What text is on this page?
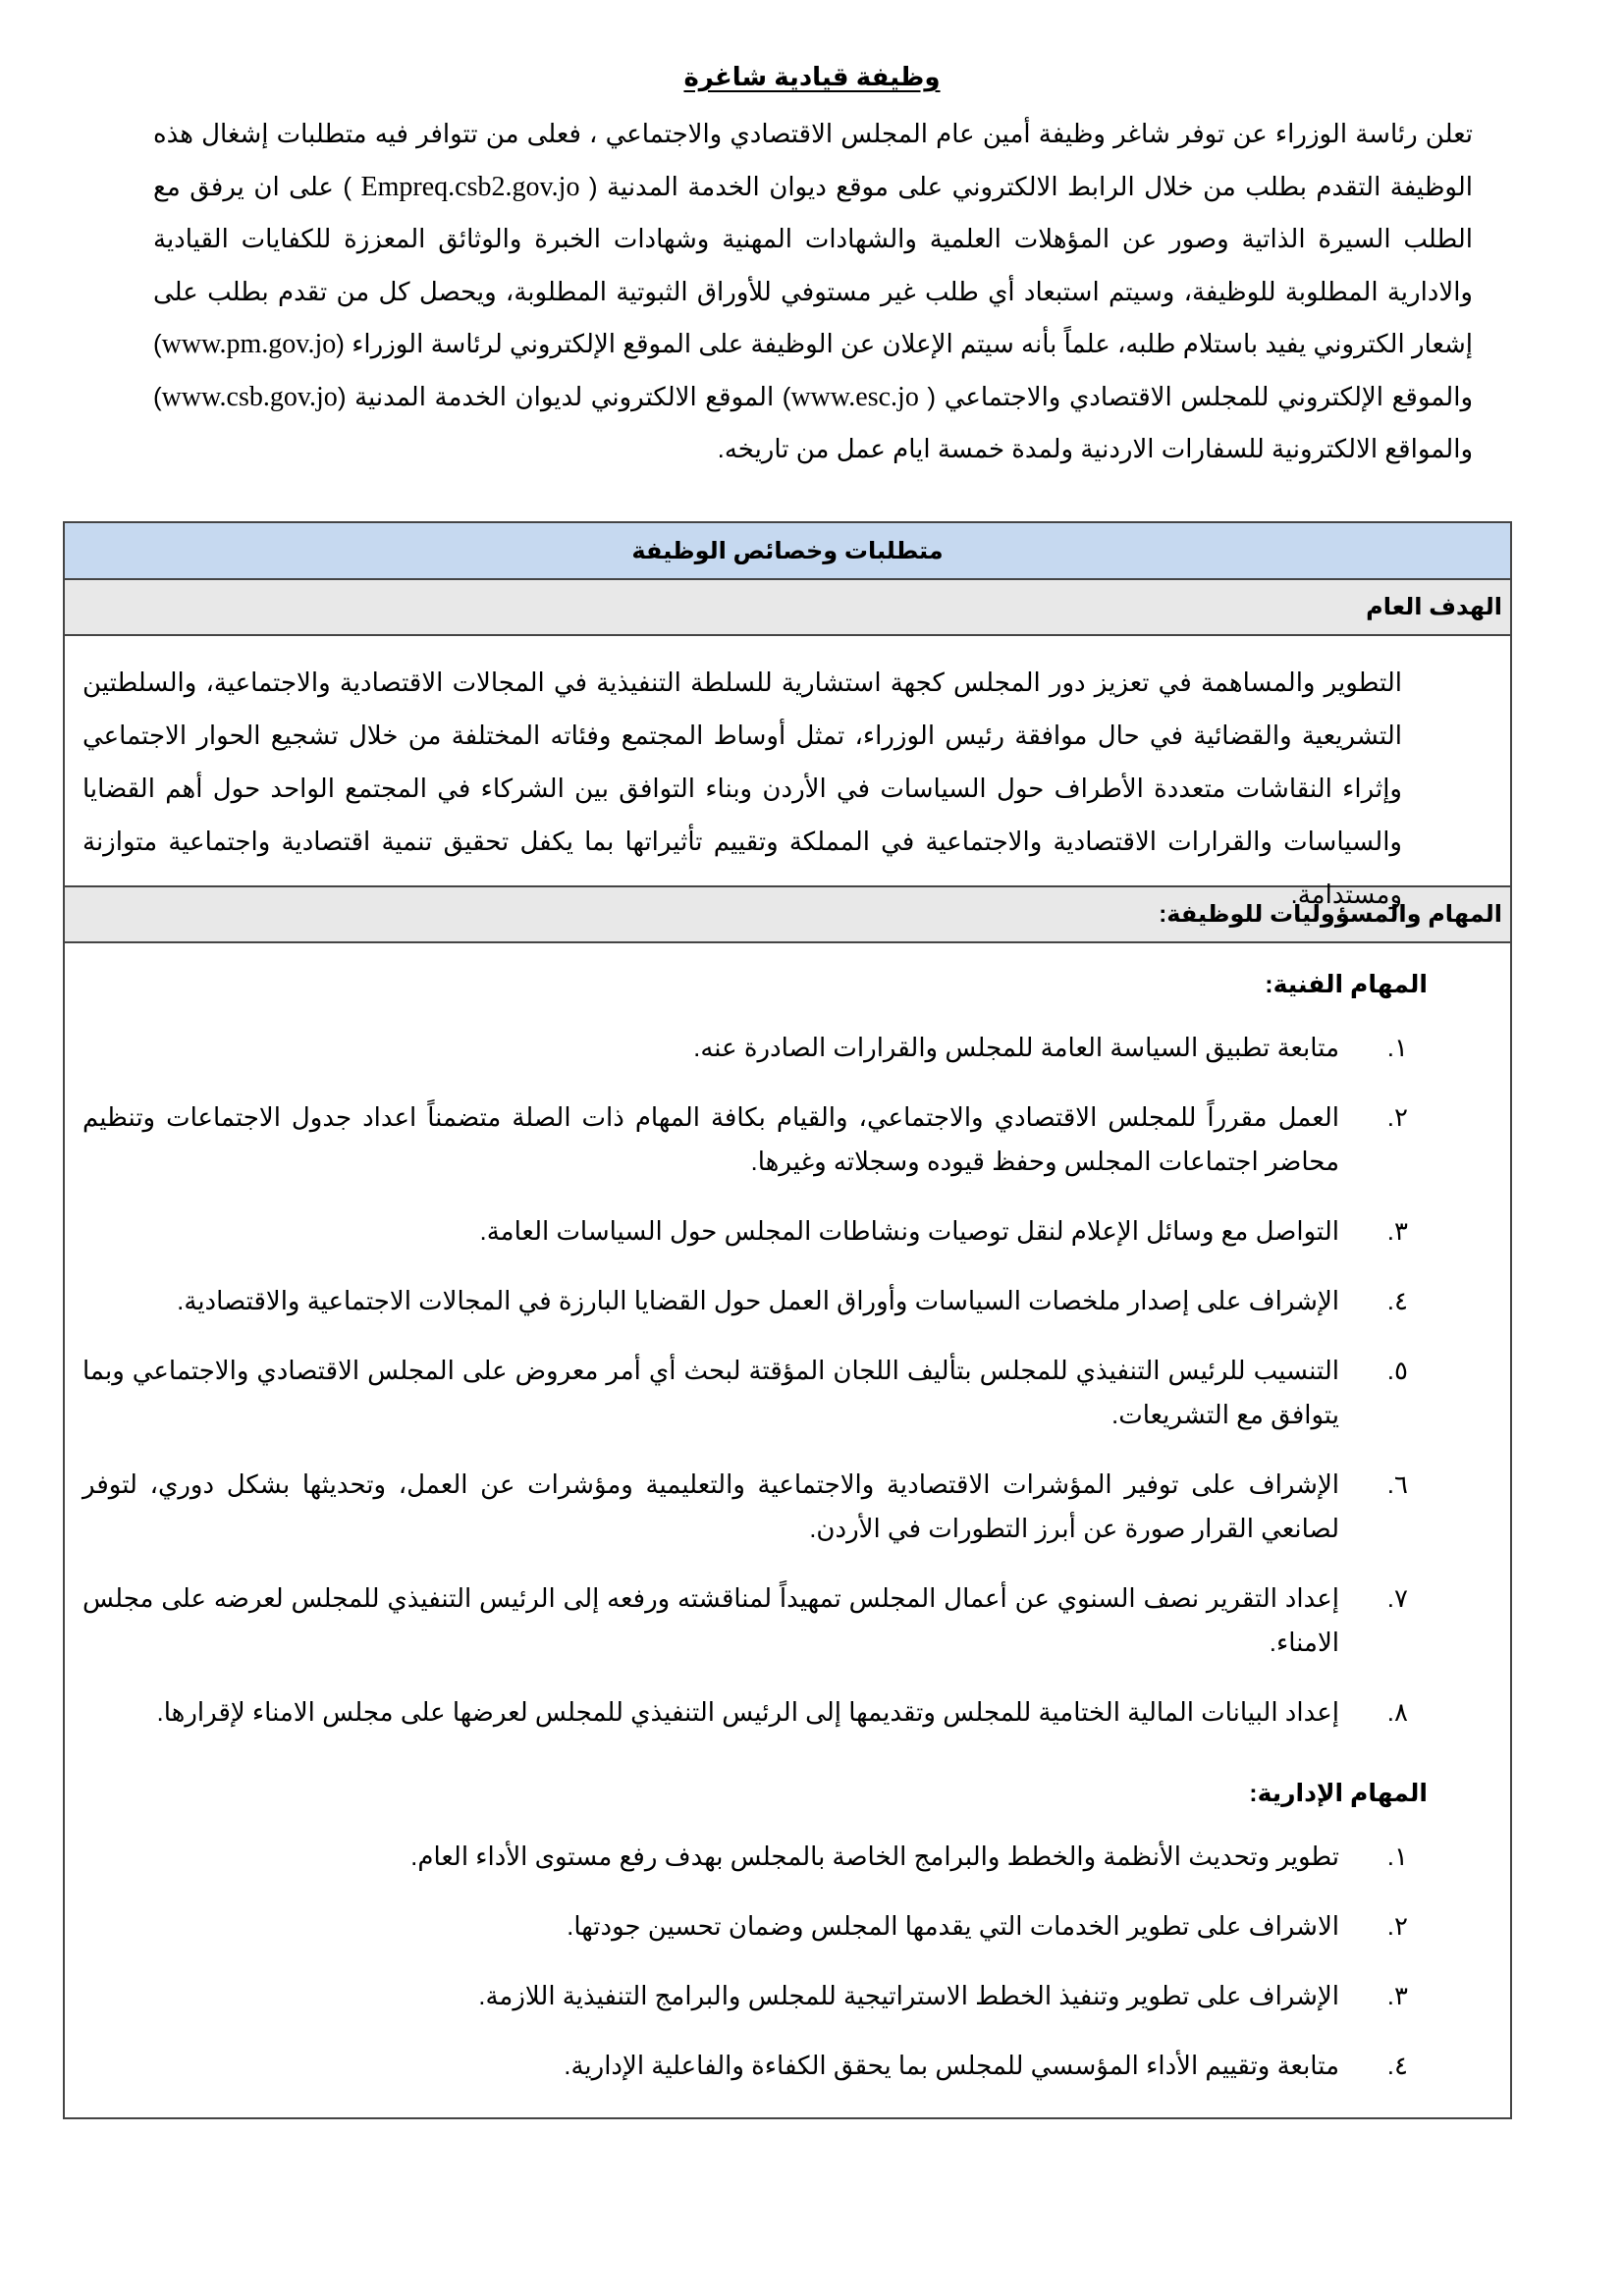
وظيفة قيادية شاغرة

تعلن رئاسة الوزراء عن توفر شاغر وظيفة أمين عام المجلس الاقتصادي والاجتماعي ، فعلى من تتوافر فيه متطلبات إشغال هذه الوظيفة التقدم بطلب من خلال الرابط الالكتروني على موقع ديوان الخدمة المدنية ( Empreq.csb2.gov.jo ) على ان يرفق مع الطلب السيرة الذاتية وصور عن المؤهلات العلمية والشهادات المهنية وشهادات الخبرة والوثائق المعززة للكفايات القيادية والادارية المطلوبة للوظيفة، وسيتم استبعاد أي طلب غير مستوفي للأوراق الثبوتية المطلوبة، ويحصل كل من تقدم بطلب على إشعار الكتروني يفيد باستلام طلبه، علماً بأنه سيتم الإعلان عن الوظيفة على الموقع الإلكتروني لرئاسة الوزراء (www.pm.gov.jo) والموقع الإلكتروني للمجلس الاقتصادي والاجتماعي ( www.esc.jo) الموقع الالكتروني لديوان الخدمة المدنية (www.csb.gov.jo) والمواقع الالكترونية للسفارات الاردنية ولمدة خمسة ايام عمل من تاريخه.

متطلبات وخصائص الوظيفة
الهدف العام
التطوير والمساهمة في تعزيز دور المجلس كجهة استشارية للسلطة التنفيذية في المجالات الاقتصادية والاجتماعية، والسلطتين التشريعية والقضائية في حال موافقة رئيس الوزراء، تمثل أوساط المجتمع وفئاته المختلفة من خلال تشجيع الحوار الاجتماعي وإثراء النقاشات متعددة الأطراف حول السياسات في الأردن وبناء التوافق بين الشركاء في المجتمع الواحد حول أهم القضايا والسياسات والقرارات الاقتصادية والاجتماعية في المملكة وتقييم تأثيراتها بما يكفل تحقيق تنمية اقتصادية واجتماعية متوازنة ومستدامة.
المهام والمسؤوليات للوظيفة:
المهام الفنية:
١.
متابعة تطبيق السياسة العامة للمجلس والقرارات الصادرة عنه.
٢.
العمل مقرراً للمجلس الاقتصادي والاجتماعي، والقيام بكافة المهام ذات الصلة متضمناً اعداد جدول الاجتماعات وتنظيم محاضر اجتماعات المجلس وحفظ قيوده وسجلاته وغيرها.
٣.
التواصل مع وسائل الإعلام لنقل توصيات ونشاطات المجلس حول السياسات العامة.
٤.
الإشراف على إصدار ملخصات السياسات وأوراق العمل حول القضايا البارزة في المجالات الاجتماعية والاقتصادية.
٥.
التنسيب للرئيس التنفيذي للمجلس بتأليف اللجان المؤقتة لبحث أي أمر معروض على المجلس الاقتصادي والاجتماعي وبما يتوافق مع التشريعات.
٦.
الإشراف على توفير المؤشرات الاقتصادية والاجتماعية والتعليمية ومؤشرات عن العمل، وتحديثها بشكل دوري، لتوفر لصانعي القرار صورة عن أبرز التطورات في الأردن.
٧.
إعداد التقرير نصف السنوي عن أعمال المجلس تمهيداً لمناقشته ورفعه إلى الرئيس التنفيذي للمجلس لعرضه على مجلس الامناء.
٨.
إعداد البيانات المالية الختامية للمجلس وتقديمها إلى الرئيس التنفيذي للمجلس لعرضها على مجلس الامناء لإقرارها.
المهام الإدارية:
١.
تطوير وتحديث الأنظمة والخطط والبرامج الخاصة بالمجلس بهدف رفع مستوى الأداء العام.
٢.
الاشراف على تطوير الخدمات التي يقدمها المجلس وضمان تحسين جودتها.
٣.
الإشراف على تطوير وتنفيذ الخطط الاستراتيجية للمجلس والبرامج التنفيذية اللازمة.
٤.
متابعة وتقييم الأداء المؤسسي للمجلس بما يحقق الكفاءة والفاعلية الإدارية.
